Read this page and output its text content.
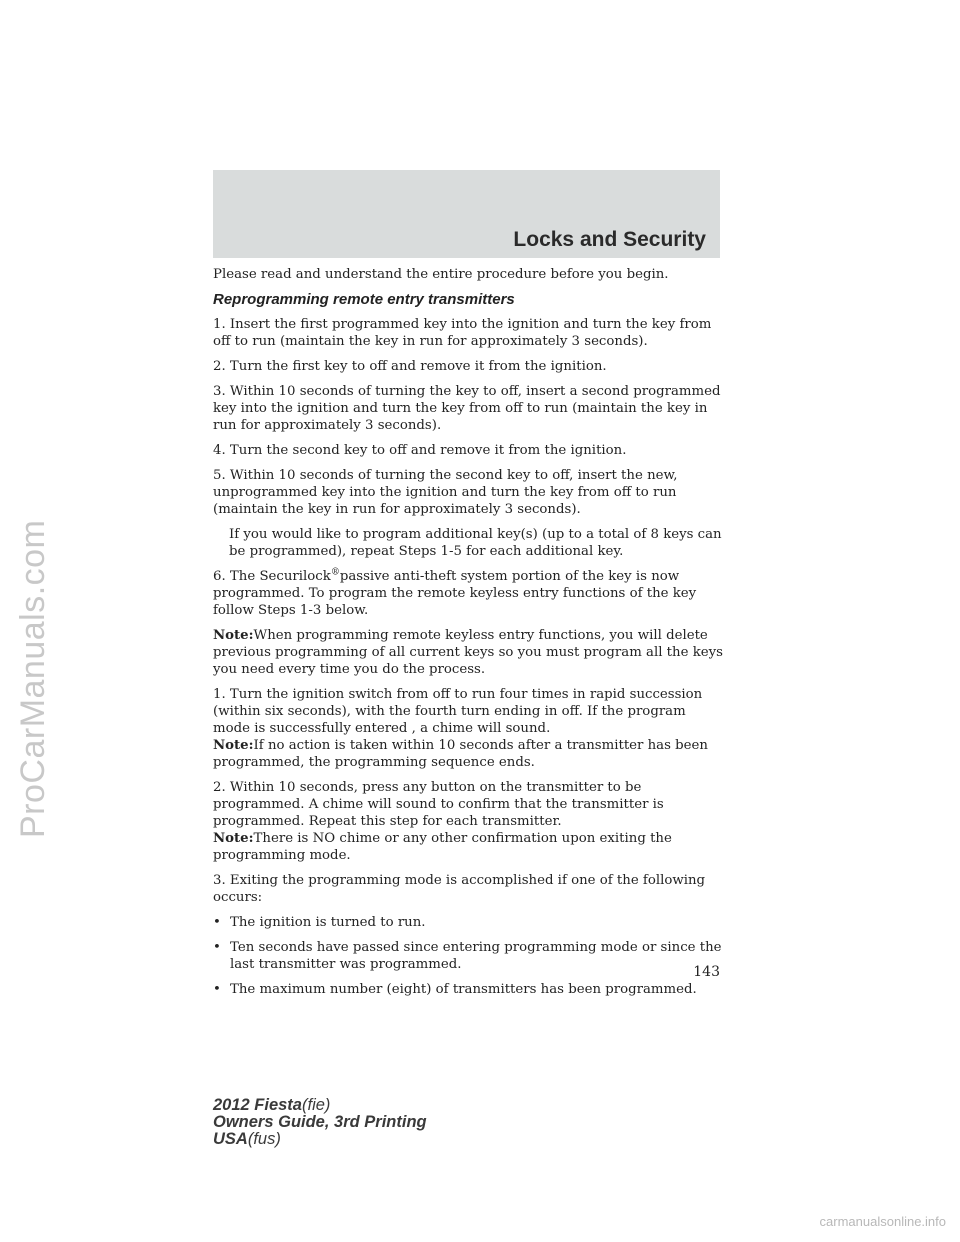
ProCarManuals.com
Locks and Security

Please read and understand the entire procedure before you begin.

Reprogramming remote entry transmitters

1. Insert the first programmed key into the ignition and turn the key from off to run (maintain the key in run for approximately 3 seconds).

2. Turn the first key to off and remove it from the ignition.

3. Within 10 seconds of turning the key to off, insert a second programmed key into the ignition and turn the key from off to run (maintain the key in run for approximately 3 seconds).

4. Turn the second key to off and remove it from the ignition.

5. Within 10 seconds of turning the second key to off, insert the new, unprogrammed key into the ignition and turn the key from off to run (maintain the key in run for approximately 3 seconds).

If you would like to program additional key(s) (up to a total of 8 keys can be programmed), repeat Steps 1-5 for each additional key.

6. The Securilock®passive anti-theft system portion of the key is now programmed. To program the remote keyless entry functions of the key follow Steps 1-3 below.

Note:When programming remote keyless entry functions, you will delete previous programming of all current keys so you must program all the keys you need every time you do the process.

1. Turn the ignition switch from off to run four times in rapid succession (within six seconds), with the fourth turn ending in off. If the program mode is successfully entered , a chime will sound.

Note:If no action is taken within 10 seconds after a transmitter has been programmed, the programming sequence ends.

2. Within 10 seconds, press any button on the transmitter to be programmed. A chime will sound to confirm that the transmitter is programmed. Repeat this step for each transmitter.

Note:There is NO chime or any other confirmation upon exiting the programming mode.

3. Exiting the programming mode is accomplished if one of the following occurs:

• The ignition is turned to run.
• Ten seconds have passed since entering programming mode or since the last transmitter was programmed.
• The maximum number (eight) of transmitters has been programmed.
143
2012 Fiesta(fie)
Owners Guide, 3rd Printing
USA(fus)
carmanualsonline.info
